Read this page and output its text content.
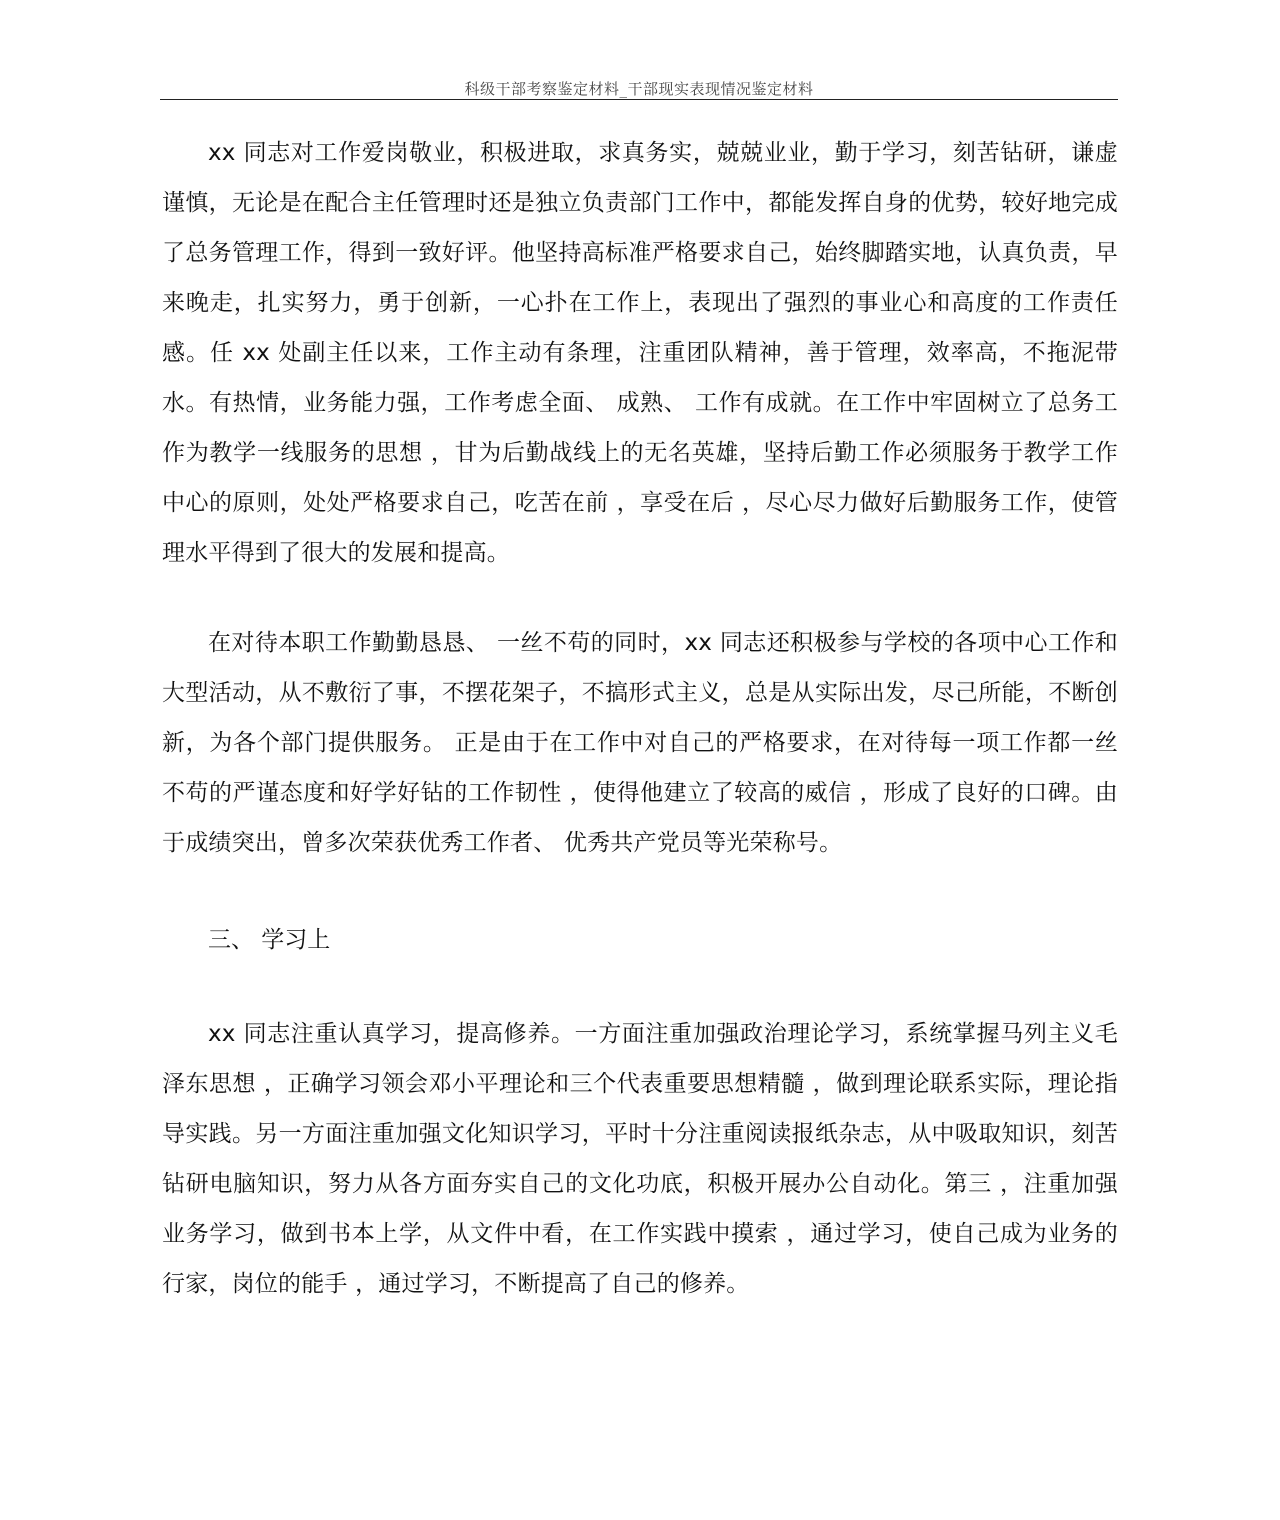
科级干部考察鉴定材料_干部现实表现情况鉴定材料

xx 同志对工作爱岗敬业，积极进取，求真务实，兢兢业业，勤于学习，刻苦钻研，谦虚谨慎，无论是在配合主任管理时还是独立负责部门工作中，都能发挥自身的优势，较好地完成了总务管理工作，得到一致好评。他坚持高标准严格要求自己，始终脚踏实地，认真负责，早来晚走，扎实努力，勇于创新，一心扑在工作上，表现出了强烈的事业心和高度的工作责任感。任 xx 处副主任以来，工作主动有条理，注重团队精神，善于管理，效率高，不拖泥带水。有热情，业务能力强，工作考虑全面、 成熟、 工作有成就。在工作中牢固树立了总务工作为教学一线服务的思想 ，甘为后勤战线上的无名英雄，坚持后勤工作必须服务于教学工作中心的原则，处处严格要求自己，吃苦在前 ，享受在后 ，尽心尽力做好后勤服务工作，使管理水平得到了很大的发展和提高。

在对待本职工作勤勤恳恳、 一丝不苟的同时，xx 同志还积极参与学校的各项中心工作和大型活动，从不敷衍了事，不摆花架子，不搞形式主义，总是从实际出发，尽己所能，不断创新，为各个部门提供服务。 正是由于在工作中对自己的严格要求，在对待每一项工作都一丝不苟的严谨态度和好学好钻的工作韧性 ，使得他建立了较高的威信 ，形成了良好的口碑。由于成绩突出，曾多次荣获优秀工作者、 优秀共产党员等光荣称号。

三、 学习上

xx 同志注重认真学习，提高修养。一方面注重加强政治理论学习，系统掌握马列主义毛泽东思想 ，正确学习领会邓小平理论和三个代表重要思想精髓 ，做到理论联系实际，理论指导实践。另一方面注重加强文化知识学习，平时十分注重阅读报纸杂志，从中吸取知识，刻苦钻研电脑知识，努力从各方面夯实自己的文化功底，积极开展办公自动化。第三 ，注重加强业务学习，做到书本上学，从文件中看，在工作实践中摸索 ，通过学习，使自己成为业务的行家，岗位的能手 ，通过学习，不断提高了自己的修养。
